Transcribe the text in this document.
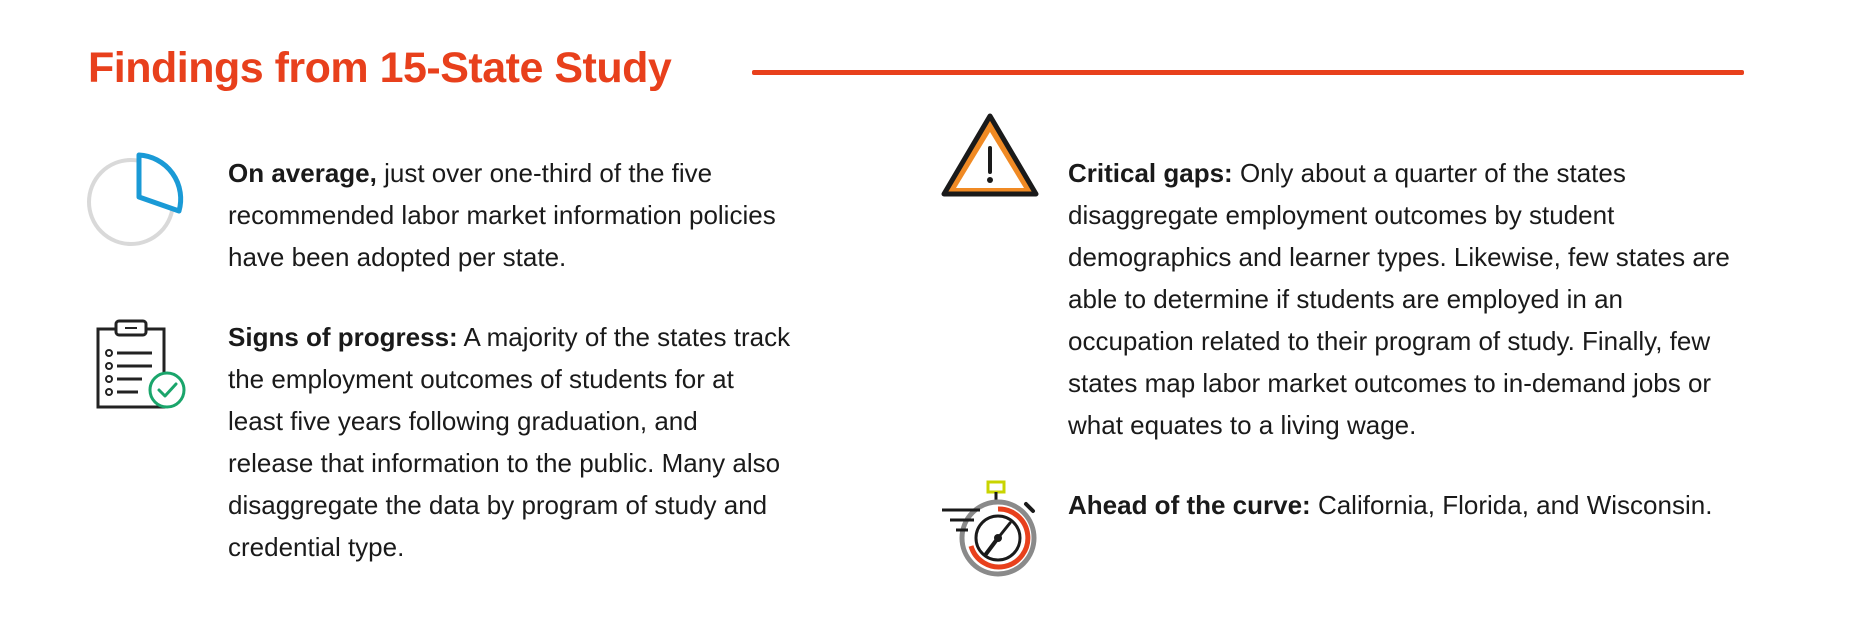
Findings from 15-State Study
On average, just over one-third of the five
recommended labor market information policies
have been adopted per state.
Signs of progress: A majority of the states track
the employment outcomes of students for at
least five years following graduation, and
release that information to the public. Many also
disaggregate the data by program of study and
credential type.
Critical gaps: Only about a quarter of the states
disaggregate employment outcomes by student
demographics and learner types. Likewise, few states are
able to determine if students are employed in an
occupation related to their program of study. Finally, few
states map labor market outcomes to in-demand jobs or
what equates to a living wage.
Ahead of the curve: California, Florida, and Wisconsin.
